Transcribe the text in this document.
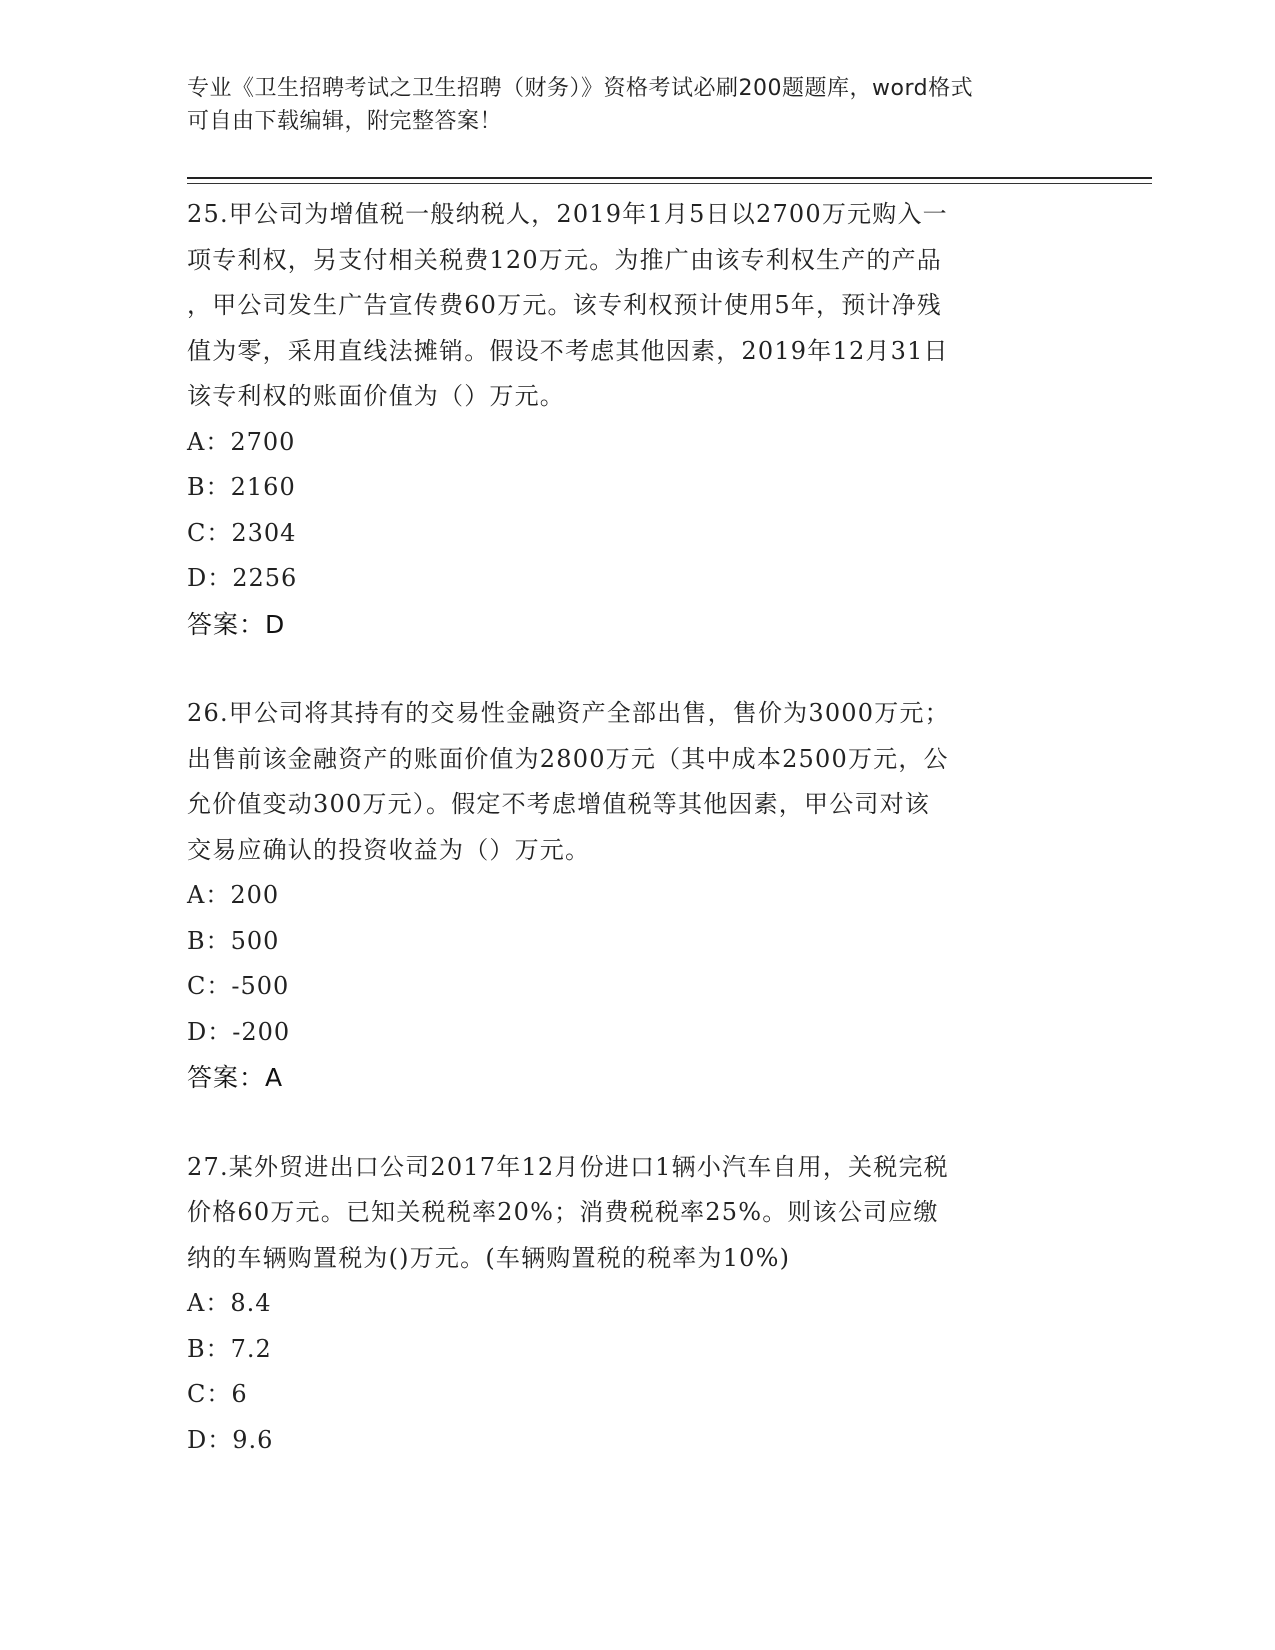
专业《卫生招聘考试之卫生招聘（财务）》资格考试必刷200题题库，word格式
可自由下载编辑，附完整答案！
25.甲公司为增值税一般纳税人，2019年1月5日以2700万元购入一
项专利权，另支付相关税费120万元。为推广由该专利权生产的产品
，甲公司发生广告宣传费60万元。该专利权预计使用5年，预计净残
值为零，采用直线法摊销。假设不考虑其他因素，2019年12月31日
该专利权的账面价值为（）万元。
A：2700
B：2160
C：2304
D：2256
答案：D
26.甲公司将其持有的交易性金融资产全部出售，售价为3000万元；
出售前该金融资产的账面价值为2800万元（其中成本2500万元，公
允价值变动300万元）。假定不考虑增值税等其他因素，甲公司对该
交易应确认的投资收益为（）万元。
A：200
B：500
C：-500
D：-200
答案：A
27.某外贸进出口公司2017年12月份进口1辆小汽车自用，关税完税
价格60万元。已知关税税率20%；消费税税率25%。则该公司应缴
纳的车辆购置税为()万元。(车辆购置税的税率为10%)
A：8.4
B：7.2
C：6
D：9.6
